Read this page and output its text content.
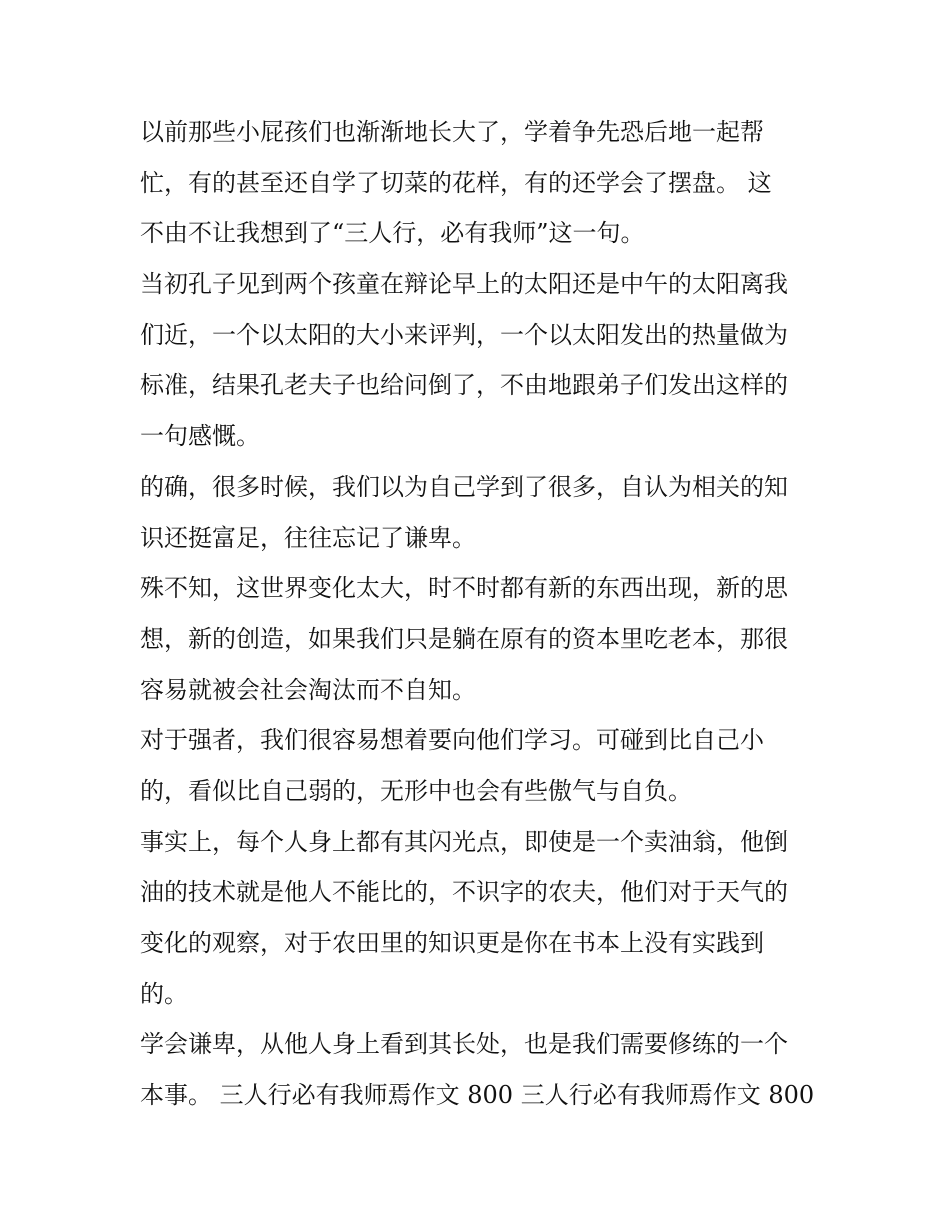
以前那些小屁孩们也渐渐地长大了，学着争先恐后地一起帮
忙，有的甚至还自学了切菜的花样，有的还学会了摆盘。 这
不由不让我想到了“三人行，必有我师”这一句。
当初孔子见到两个孩童在辩论早上的太阳还是中午的太阳离我
们近，一个以太阳的大小来评判，一个以太阳发出的热量做为
标准，结果孔老夫子也给问倒了，不由地跟弟子们发出这样的
一句感慨。
的确，很多时候，我们以为自己学到了很多，自认为相关的知
识还挺富足，往往忘记了谦卑。
殊不知，这世界变化太大，时不时都有新的东西出现，新的思
想，新的创造，如果我们只是躺在原有的资本里吃老本，那很
容易就被会社会淘汰而不自知。
对于强者，我们很容易想着要向他们学习。可碰到比自己小
的，看似比自己弱的，无形中也会有些傲气与自负。
事实上，每个人身上都有其闪光点，即使是一个卖油翁，他倒
油的技术就是他人不能比的，不识字的农夫，他们对于天气的
变化的观察，对于农田里的知识更是你在书本上没有实践到
的。
学会谦卑，从他人身上看到其长处，也是我们需要修练的一个
本事。 三人行必有我师焉作文 800 三人行必有我师焉作文 800
